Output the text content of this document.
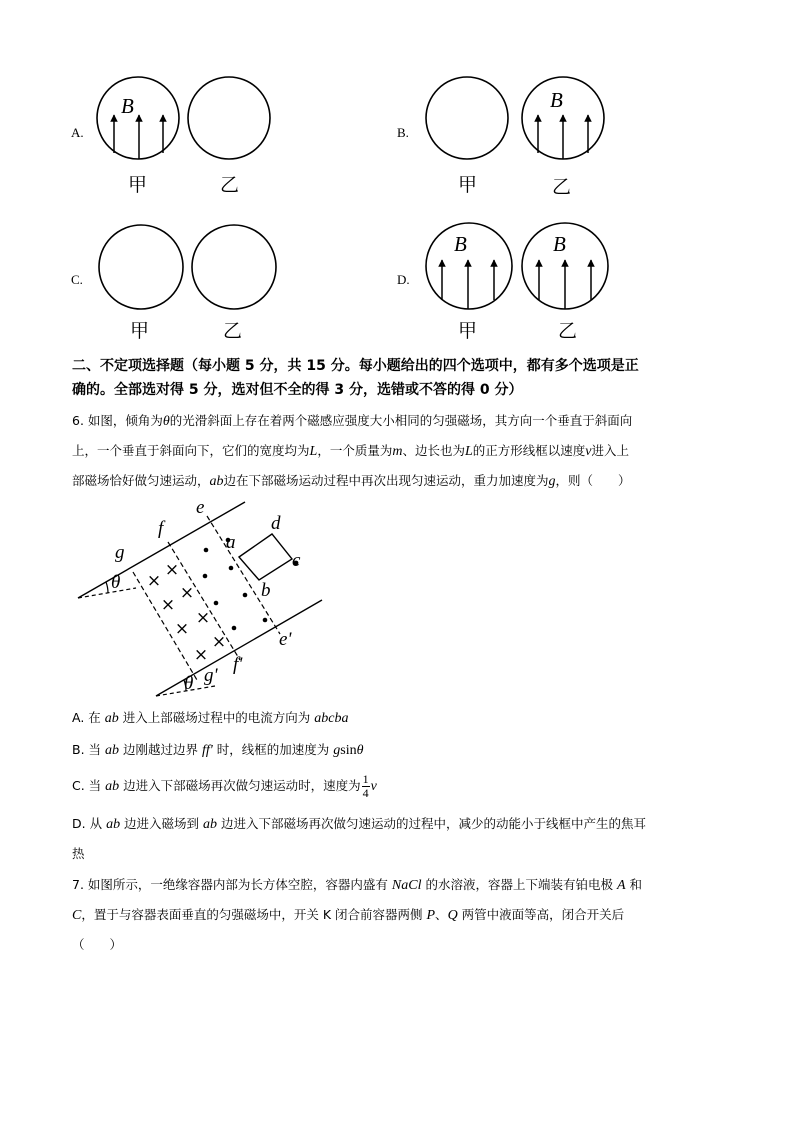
A.
B
甲	乙
B.
B
甲	乙
C.
甲	乙
D.
B	B
甲	乙
二、不定项选择题（每小题 5 分，共 15 分。每小题给出的四个选项中，都有多个选项是正
确的。全部选对得 5 分，选对但不全的得 3 分，选错或不答的得 0 分）
6. 如图，倾角为θ的光滑斜面上存在着两个磁感应强度大小相同的匀强磁场，其方向一个垂直于斜面向
上，一个垂直于斜面向下，它们的宽度均为L，一个质量为m、边长也为L的正方形线框以速度v进入上
部磁场恰好做匀速运动，ab边在下部磁场运动过程中再次出现匀速运动，重力加速度为g，则（　　）
×
×
×
×
×
×
×
×
f
e
d
a
c
g
θ	b
e'
f'
θ g'
A. 在 ab 进入上部磁场过程中的电流方向为 abcba
B. 当 ab 边刚越过边界 ff' 时，线框的加速度为 gsinθ
C. 当 ab 边进入下部磁场再次做匀速运动时，速度为 $\frac{1}{4}$ v
D. 从 ab 边进入磁场到 ab 边进入下部磁场再次做匀速运动的过程中，减少的动能小于线框中产生的焦耳
热
7. 如图所示，一绝缘容器内部为长方体空腔，容器内盛有 NaCl 的水溶液，容器上下端装有铂电极 A 和
C，置于与容器表面垂直的匀强磁场中，开关 K 闭合前容器两侧 P、Q 两管中液面等高，闭合开关后
（　　）
